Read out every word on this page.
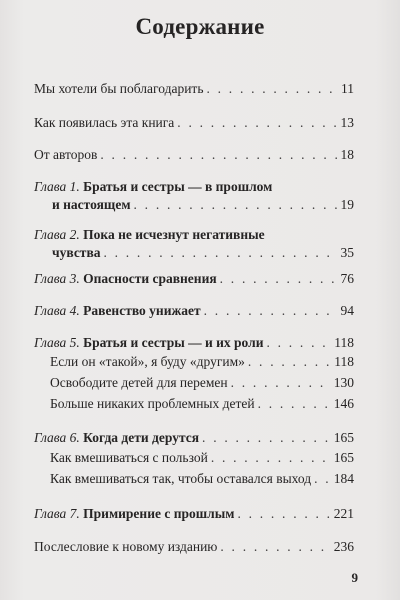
Содержание
Мы хотели бы поблагодарить . . .	11
Как появилась эта книга . . .	13
От авторов . . .	18
Глава 1. Братья и сестры — в прошлом
и настоящем . . .	19
Глава 2. Пока не исчезнут негативные
чувства . . .	35
Глава 3. Опасности сравнения . . .	76
Глава 4. Равенство унижает . . .	94
Глава 5. Братья и сестры — и их роли . . .	118
Если он «такой», я буду «другим» . . .	118
Освободите детей для перемен . . .	130
Больше никаких проблемных детей . . .	146
Глава 6. Когда дети дерутся . . .	165
Как вмешиваться с пользой . . .	165
Как вмешиваться так, чтобы оставался выход . . . 184
Глава 7. Примирение с прошлым . . .	221
Послесловие к новому изданию . . .	236
9
